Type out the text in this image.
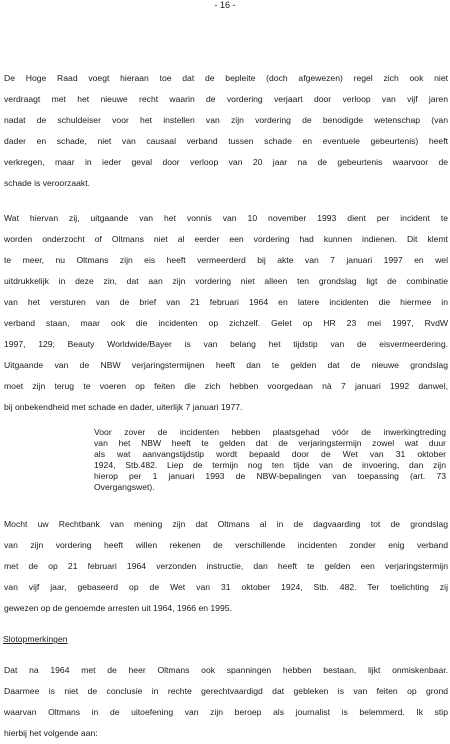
- 16 -
De Hoge Raad voegt hieraan toe dat de bepleite (doch afgewezen) regel zich ook niet
verdraagt met het nieuwe recht waarin de vordering verjaart door verloop van vijf jaren
nadat de schuldeiser voor het instellen van zijn vordering de benodigde wetenschap (van
dader en schade, niet van causaal verband tussen schade en eventuele gebeurtenis) heeft
verkregen, maar in ieder geval door verloop van 20 jaar na de gebeurtenis waarvoor de
schade is veroorzaakt.
Wat hiervan zij, uitgaande van het vonnis van 10 november 1993 dient per incident te
worden onderzocht of Oltmans niet al eerder een vordering had kunnen indienen. Dit klemt
te meer, nu Oltmans zijn eis heeft vermeerderd bij akte van 7 januari 1997 en wel
uitdrukkelijk in deze zin, dat aan zijn vordering niet alleen ten grondslag ligt de combinatie
van het versturen van de brief van 21 februari 1964 en latere incidenten die hiermee in
verband staan, maar ook die incidenten op zichzelf. Gelet op HR 23 mei 1997, RvdW
1997, 129; Beauty Worldwide/Bayer is van belang het tijdstip van de eisvermeerdering.
Uitgaande van de NBW verjaringstermijnen heeft dan te gelden dat de nieuwe grondslag
moet zijn terug te voeren op feiten die zich hebben voorgedaan nà 7 januari 1992 danwel,
bij onbekendheid met schade en dader, uiterlijk 7 januari 1977.
Voor zover de incidenten hebben plaatsgehad vóór de inwerkingtreding
van het NBW heeft te gelden dat de verjaringstermijn zowel wat duur
als wat aanvangstijdstip wordt bepaald door de Wet van 31 oktober
1924, Stb.482. Liep de termijn nog ten tijde van de invoering, dan zijn
hierop per 1 januari 1993 de NBW-bepalingen van toepassing (art. 73
Overgangswet).
Mocht uw Rechtbank van mening zijn dat Oltmans al in de dagvaarding tot de grondslag
van zijn vordering heeft willen rekenen de verschillende incidenten zonder enig verband
met de op 21 februari 1964 verzonden instructie, dan heeft te gelden een verjaringstermijn
van vijf jaar, gebaseerd op de Wet van 31 oktober 1924, Stb. 482. Ter toelichting zij
gewezen op de genoemde arresten uit 1964, 1966 en 1995.
Slotopmerkingen
Dat na 1964 met de heer Oltmans ook spanningen hebben bestaan, lijkt onmiskenbaar.
Daarmee is niet de conclusie in rechte gerechtvaardigd dat gebleken is van feiten op grond
waarvan Oltmans in de uitoefening van zijn beroep als journalist is belemmerd. Ik stip
hierbij het volgende aan:
